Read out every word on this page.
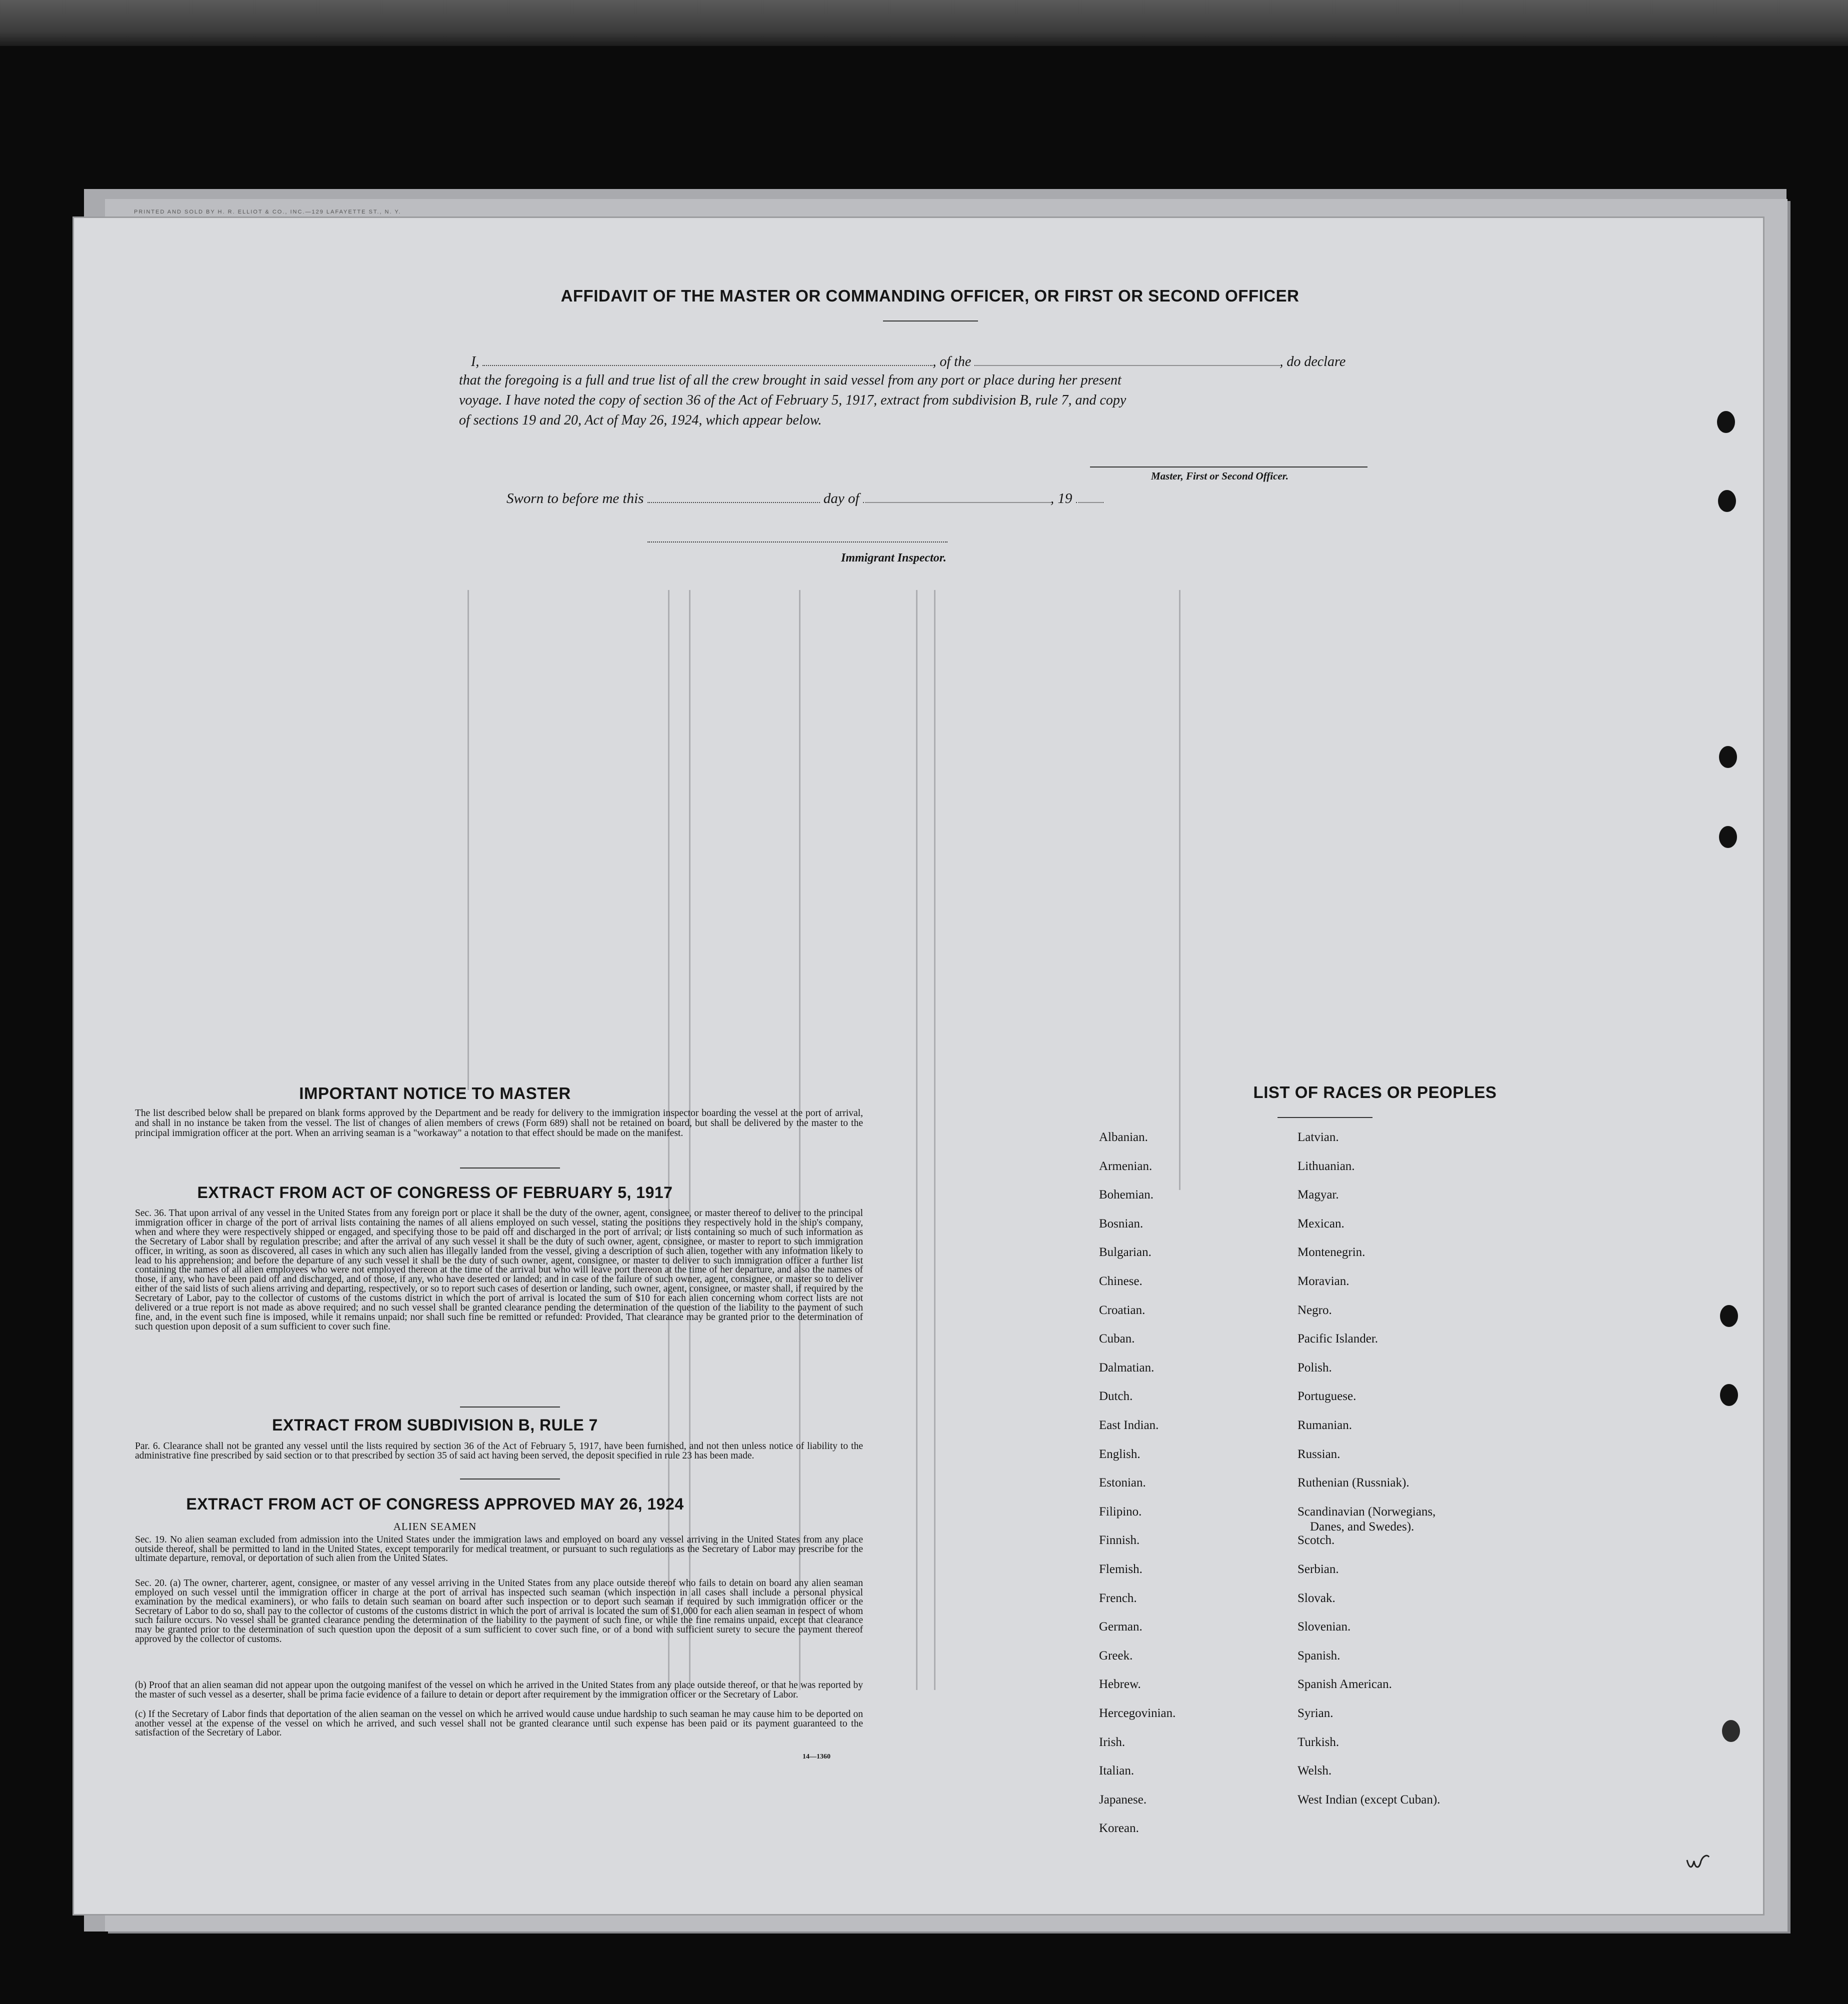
PRINTED AND SOLD BY H. R. ELLIOT & CO., INC.—129 LAFAYETTE ST., N. Y.
AFFIDAVIT OF THE MASTER OR COMMANDING OFFICER, OR FIRST OR SECOND OFFICER
I,	, of the	, do declare
that the foregoing is a full and true list of all the crew brought in said vessel from any port or place during her present
voyage. I have noted the copy of section 36 of the Act of February 5, 1917, extract from subdivision B, rule 7, and copy
of sections 19 and 20, Act of May 26, 1924, which appear below.
Master, First or Second Officer.
Sworn to before me this	day of	, 19
Immigrant Inspector.
IMPORTANT NOTICE TO MASTER
The list described below shall be prepared on blank forms approved by the Department and be ready for delivery to the immigration inspector boarding the vessel at the port of arrival, and shall in no instance be taken from the vessel. The list of changes of alien members of crews (Form 689) shall not be retained on board, but shall be delivered by the master to the principal immigration officer at the port. When an arriving seaman is a "workaway" a notation to that effect should be made on the manifest.
EXTRACT FROM ACT OF CONGRESS OF FEBRUARY 5, 1917
Sec. 36. That upon arrival of any vessel in the United States from any foreign port or place it shall be the duty of the owner, agent, consignee, or master thereof to deliver to the principal immigration officer in charge of the port of arrival lists containing the names of all aliens employed on such vessel, stating the positions they respectively hold in the ship's company, when and where they were respectively shipped or engaged, and specifying those to be paid off and discharged in the port of arrival; or lists containing so much of such information as the Secretary of Labor shall by regulation prescribe; and after the arrival of any such vessel it shall be the duty of such owner, agent, consignee, or master to report to such immigration officer, in writing, as soon as discovered, all cases in which any such alien has illegally landed from the vessel, giving a description of such alien, together with any information likely to lead to his apprehension; and before the departure of any such vessel it shall be the duty of such owner, agent, consignee, or master to deliver to such immigration officer a further list containing the names of all alien employees who were not employed thereon at the time of the arrival but who will leave port thereon at the time of her departure, and also the names of those, if any, who have been paid off and discharged, and of those, if any, who have deserted or landed; and in case of the failure of such owner, agent, consignee, or master so to deliver either of the said lists of such aliens arriving and departing, respectively, or so to report such cases of desertion or landing, such owner, agent, consignee, or master shall, if required by the Secretary of Labor, pay to the collector of customs of the customs district in which the port of arrival is located the sum of $10 for each alien concerning whom correct lists are not delivered or a true report is not made as above required; and no such vessel shall be granted clearance pending the determination of the question of the liability to the payment of such fine, and, in the event such fine is imposed, while it remains unpaid; nor shall such fine be remitted or refunded: Provided, That clearance may be granted prior to the determination of such question upon deposit of a sum sufficient to cover such fine.
EXTRACT FROM SUBDIVISION B, RULE 7
Par. 6. Clearance shall not be granted any vessel until the lists required by section 36 of the Act of February 5, 1917, have been furnished, and not then unless notice of liability to the administrative fine prescribed by said section or to that prescribed by section 35 of said act having been served, the deposit specified in rule 23 has been made.
EXTRACT FROM ACT OF CONGRESS APPROVED MAY 26, 1924
ALIEN SEAMEN
Sec. 19. No alien seaman excluded from admission into the United States under the immigration laws and employed on board any vessel arriving in the United States from any place outside thereof, shall be permitted to land in the United States, except temporarily for medical treatment, or pursuant to such regulations as the Secretary of Labor may prescribe for the ultimate departure, removal, or deportation of such alien from the United States.
Sec. 20. (a) The owner, charterer, agent, consignee, or master of any vessel arriving in the United States from any place outside thereof who fails to detain on board any alien seaman employed on such vessel until the immigration officer in charge at the port of arrival has inspected such seaman (which inspection in all cases shall include a personal physical examination by the medical examiners), or who fails to detain such seaman on board after such inspection or to deport such seaman if required by such immigration officer or the Secretary of Labor to do so, shall pay to the collector of customs of the customs district in which the port of arrival is located the sum of $1,000 for each alien seaman in respect of whom such failure occurs. No vessel shall be granted clearance pending the determination of the liability to the payment of such fine, or while the fine remains unpaid, except that clearance may be granted prior to the determination of such question upon the deposit of a sum sufficient to cover such fine, or of a bond with sufficient surety to secure the payment thereof approved by the collector of customs.
(b) Proof that an alien seaman did not appear upon the outgoing manifest of the vessel on which he arrived in the United States from any place outside thereof, or that he was reported by the master of such vessel as a deserter, shall be prima facie evidence of a failure to detain or deport after requirement by the immigration officer or the Secretary of Labor.
(c) If the Secretary of Labor finds that deportation of the alien seaman on the vessel on which he arrived would cause undue hardship to such seaman he may cause him to be deported on another vessel at the expense of the vessel on which he arrived, and such vessel shall not be granted clearance until such expense has been paid or its payment guaranteed to the satisfaction of the Secretary of Labor.
14—1360
LIST OF RACES OR PEOPLES
Albanian.
Armenian.
Bohemian.
Bosnian.
Bulgarian.
Chinese.
Croatian.
Cuban.
Dalmatian.
Dutch.
East Indian.
English.
Estonian.
Filipino.
Finnish.
Flemish.
French.
German.
Greek.
Hebrew.
Hercegovinian.
Irish.
Italian.
Japanese.
Korean.
Latvian.
Lithuanian.
Magyar.
Mexican.
Montenegrin.
Moravian.
Negro.
Pacific Islander.
Polish.
Portuguese.
Rumanian.
Russian.
Ruthenian (Russniak).
Scandinavian (Norwegians,
Danes, and Swedes).
Scotch.
Serbian.
Slovak.
Slovenian.
Spanish.
Spanish American.
Syrian.
Turkish.
Welsh.
West Indian (except Cuban).
